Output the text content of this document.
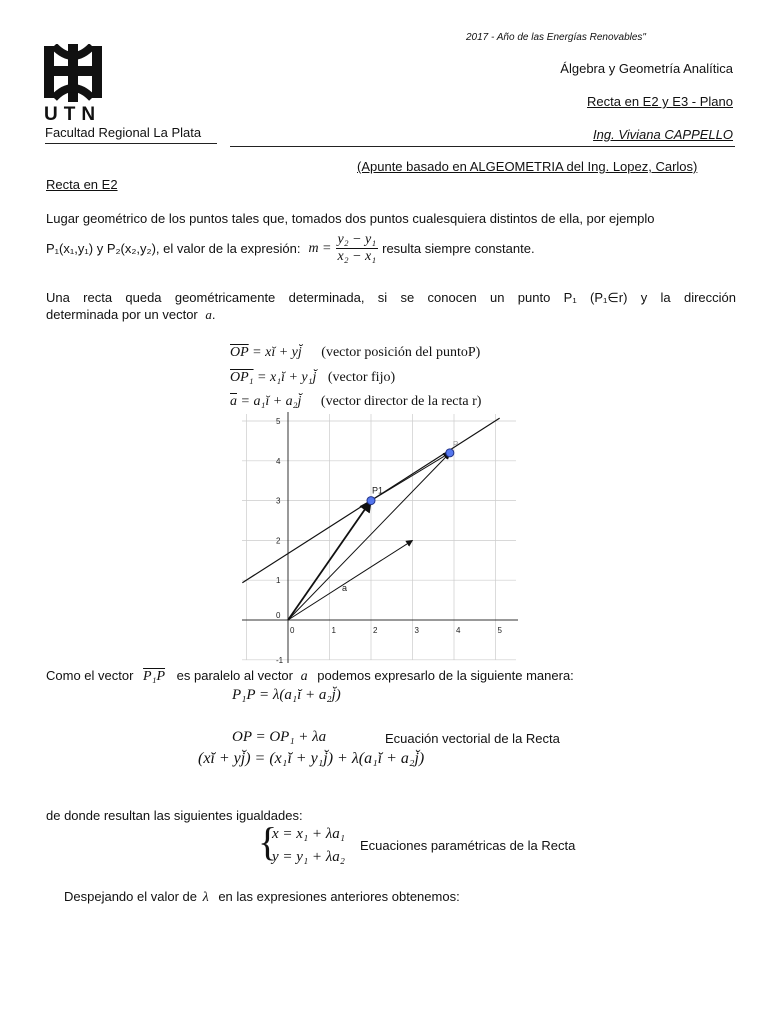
UTN
2017 - Año de las Energías Renovables"
Álgebra y Geometría Analítica
Recta en E2 y E3 - Plano
Facultad Regional La Plata	Ing. Viviana CAPPELLO
(Apunte basado en ALGEOMETRIA del Ing. Lopez, Carlos)
Recta en E2
Lugar geométrico de los puntos tales que, tomados dos puntos cualesquiera distintos de ella, por ejemplo
P₁(x₁,y₁) y P₂(x₂,y₂), el valor de la expresión: $m = \frac{\text{y₂ − y₁}}{\text{x₂ − x₁}}$ resulta siempre constante.
Una recta queda geométricamente determinada, si se conocen un punto P₁ (P₁∈r) y la dirección
determinada por un vector a.
$\overline{OP}$ = xĭ + yj̆ (vector posición del puntoP)
OP₁ = x₁ĭ + y₁j̆ (vector fijo)
$\overline{a}$ = a₁ĭ + a₂j̆ (vector director de la recta r)
0	1	2	3	4	5
-1
1
2
3
4
5
0
P1
P
a
Como el vector P₁P es paralelo al vector a podemos expresarlo de la siguiente manera:
P₁P = λ(a₁ĭ + a₂j̆)
OP = OP₁ + λa	Ecuación vectorial de la Recta
(xĭ + yj̆) = (x₁ĭ + y₁j̆) + λ(a₁ĭ + a₂j̆)
de donde resultan las siguientes igualdades:
{
x = x₁ + λa₁
y = y₁ + λa₂
Ecuaciones paramétricas de la Recta
Despejando el valor de λ en las expresiones anteriores obtenemos:
